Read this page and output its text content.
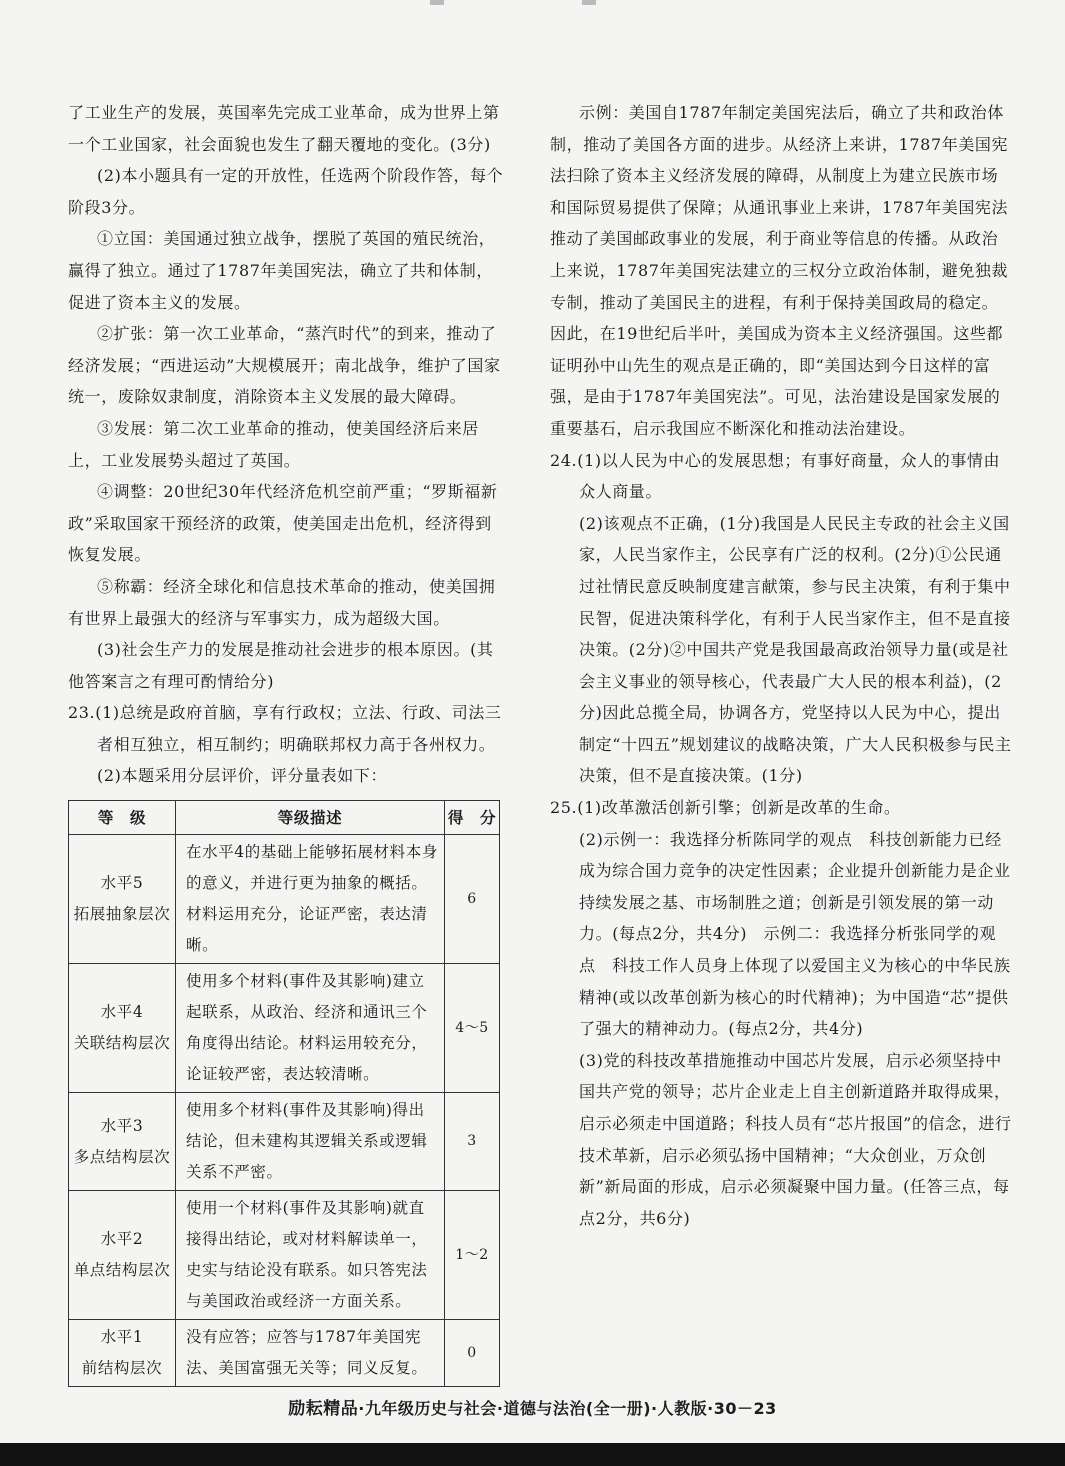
了工业生产的发展，英国率先完成工业革命，成为世界上第一个工业国家，社会面貌也发生了翻天覆地的变化。(3分)

(2)本小题具有一定的开放性，任选两个阶段作答，每个阶段3分。

①立国：美国通过独立战争，摆脱了英国的殖民统治，赢得了独立。通过了1787年美国宪法，确立了共和体制，促进了资本主义的发展。

②扩张：第一次工业革命，“蒸汽时代”的到来，推动了经济发展；“西进运动”大规模展开；南北战争，维护了国家统一，废除奴隶制度，消除资本主义发展的最大障碍。

③发展：第二次工业革命的推动，使美国经济后来居上，工业发展势头超过了英国。

④调整：20世纪30年代经济危机空前严重；“罗斯福新政”采取国家干预经济的政策，使美国走出危机，经济得到恢复发展。

⑤称霸：经济全球化和信息技术革命的推动，使美国拥有世界上最强大的经济与军事实力，成为超级大国。

(3)社会生产力的发展是推动社会进步的根本原因。(其他答案言之有理可酌情给分)

23.(1)总统是政府首脑，享有行政权；立法、行政、司法三者相互独立，相互制约；明确联邦权力高于各州权力。

(2)本题采用分层评价，评分量表如下：

等　级	等级描述	得　分

水平5
拓展抽象层次	在水平4的基础上能够拓展材料本身的意义，并进行更为抽象的概括。材料运用充分，论证严密，表达清晰。	6

水平4
关联结构层次	使用多个材料(事件及其影响)建立起联系，从政治、经济和通讯三个角度得出结论。材料运用较充分，论证较严密，表达较清晰。	4～5

水平3
多点结构层次	使用多个材料(事件及其影响)得出结论，但未建构其逻辑关系或逻辑关系不严密。	3

水平2
单点结构层次	使用一个材料(事件及其影响)就直接得出结论，或对材料解读单一，史实与结论没有联系。如只答宪法与美国政治或经济一方面关系。	1～2

水平1
前结构层次	没有应答；应答与1787年美国宪法、美国富强无关等；同义反复。	0

示例：美国自1787年制定美国宪法后，确立了共和政治体制，推动了美国各方面的进步。从经济上来讲，1787年美国宪法扫除了资本主义经济发展的障碍，从制度上为建立民族市场和国际贸易提供了保障；从通讯事业上来讲，1787年美国宪法推动了美国邮政事业的发展，利于商业等信息的传播。从政治上来说，1787年美国宪法建立的三权分立政治体制，避免独裁专制，推动了美国民主的进程，有利于保持美国政局的稳定。因此，在19世纪后半叶，美国成为资本主义经济强国。这些都证明孙中山先生的观点是正确的，即“美国达到今日这样的富强，是由于1787年美国宪法”。可见，法治建设是国家发展的重要基石，启示我国应不断深化和推动法治建设。

24.(1)以人民为中心的发展思想；有事好商量，众人的事情由众人商量。

(2)该观点不正确，(1分)我国是人民民主专政的社会主义国家，人民当家作主，公民享有广泛的权利。(2分)①公民通过社情民意反映制度建言献策，参与民主决策，有利于集中民智，促进决策科学化，有利于人民当家作主，但不是直接决策。(2分)②中国共产党是我国最高政治领导力量(或是社会主义事业的领导核心，代表最广大人民的根本利益)，(2分)因此总揽全局，协调各方，党坚持以人民为中心，提出制定“十四五”规划建议的战略决策，广大人民积极参与民主决策，但不是直接决策。(1分)

25.(1)改革激活创新引擎；创新是改革的生命。

(2)示例一：我选择分析陈同学的观点　科技创新能力已经成为综合国力竞争的决定性因素；企业提升创新能力是企业持续发展之基、市场制胜之道；创新是引领发展的第一动力。(每点2分，共4分)　示例二：我选择分析张同学的观点　科技工作人员身上体现了以爱国主义为核心的中华民族精神(或以改革创新为核心的时代精神)；为中国造“芯”提供了强大的精神动力。(每点2分，共4分)

(3)党的科技改革措施推动中国芯片发展，启示必须坚持中国共产党的领导；芯片企业走上自主创新道路并取得成果，启示必须走中国道路；科技人员有“芯片报国”的信念，进行技术革新，启示必须弘扬中国精神；“大众创业，万众创新”新局面的形成，启示必须凝聚中国力量。(任答三点，每点2分，共6分)

励耘精品·九年级历史与社会·道德与法治(全一册)·人教版·30－23
